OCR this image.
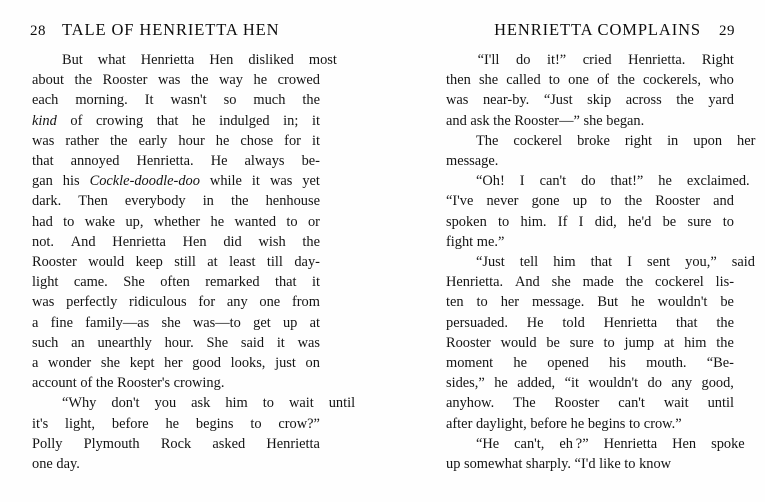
28 TALE OF HENRIETTA HEN	HENRIETTA COMPLAINS 29

But	what	Henrietta	Hen	disliked	most
about the Rooster was the way he crowed
each morning. It wasn't so much the
kind of crowing that he indulged in; it
was rather the early hour he chose for it
that annoyed Henrietta. He always be-
gan his Cockle-doodle-doo while it was yet
dark. Then everybody in the henhouse
had to wake up, whether he wanted to or
not. And Henrietta Hen did wish the
Rooster would keep still at least till day-
light came. She often remarked that it
was perfectly ridiculous for any one from
a fine family—as she was—to get up at
such an unearthly hour. She said it was
a wonder she kept her good looks, just on
account of the Rooster's crowing.

“Why	don't	you	ask	him	to	wait	until
it's light, before he begins to crow?”
Polly Plymouth Rock asked Henrietta
one day.

“I'll	do	it!”	cried	Henrietta.	Right
then she called to one of the cockerels, who
was near-by. “Just skip across the yard
and ask the Rooster—” she began.

The	cockerel	broke	right	in	upon	her
message.

“Oh!	I	can't	do	that!”	he	exclaimed.
“I've never gone up to the Rooster and
spoken to him. If I did, he'd be sure to
fight me.”

“Just	tell	him	that	I	sent	you,”	said
Henrietta. And she made the cockerel lis-
ten to her message. But he wouldn't be
persuaded. He told Henrietta that the
Rooster would be sure to jump at him the
moment he opened his mouth. “Be-
sides,” he added, “it wouldn't do any good,
anyhow. The Rooster can't wait until
after daylight, before he begins to crow.”

“He	can't,	eh ?”	Henrietta	Hen	spoke
up somewhat sharply. “I'd like to know
